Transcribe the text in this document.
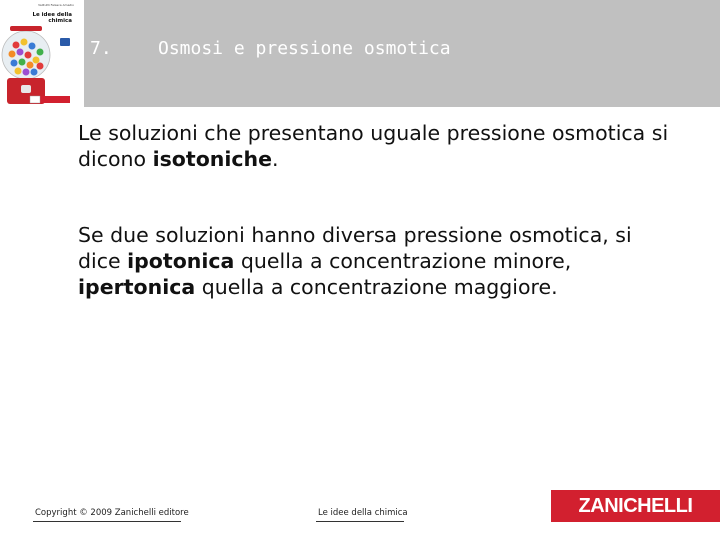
Valitutti Falasca Amadio
Le idee della
chimica
7.	Osmosi e pressione osmotica

Le soluzioni che presentano uguale pressione osmotica si dicono isotoniche.

Se due soluzioni hanno diversa pressione osmotica, si dice ipotonica quella a concentrazione minore, ipertonica quella a concentrazione maggiore.

Copyright © 2009 Zanichelli editore	Le idee della chimica	ZANICHELLI
